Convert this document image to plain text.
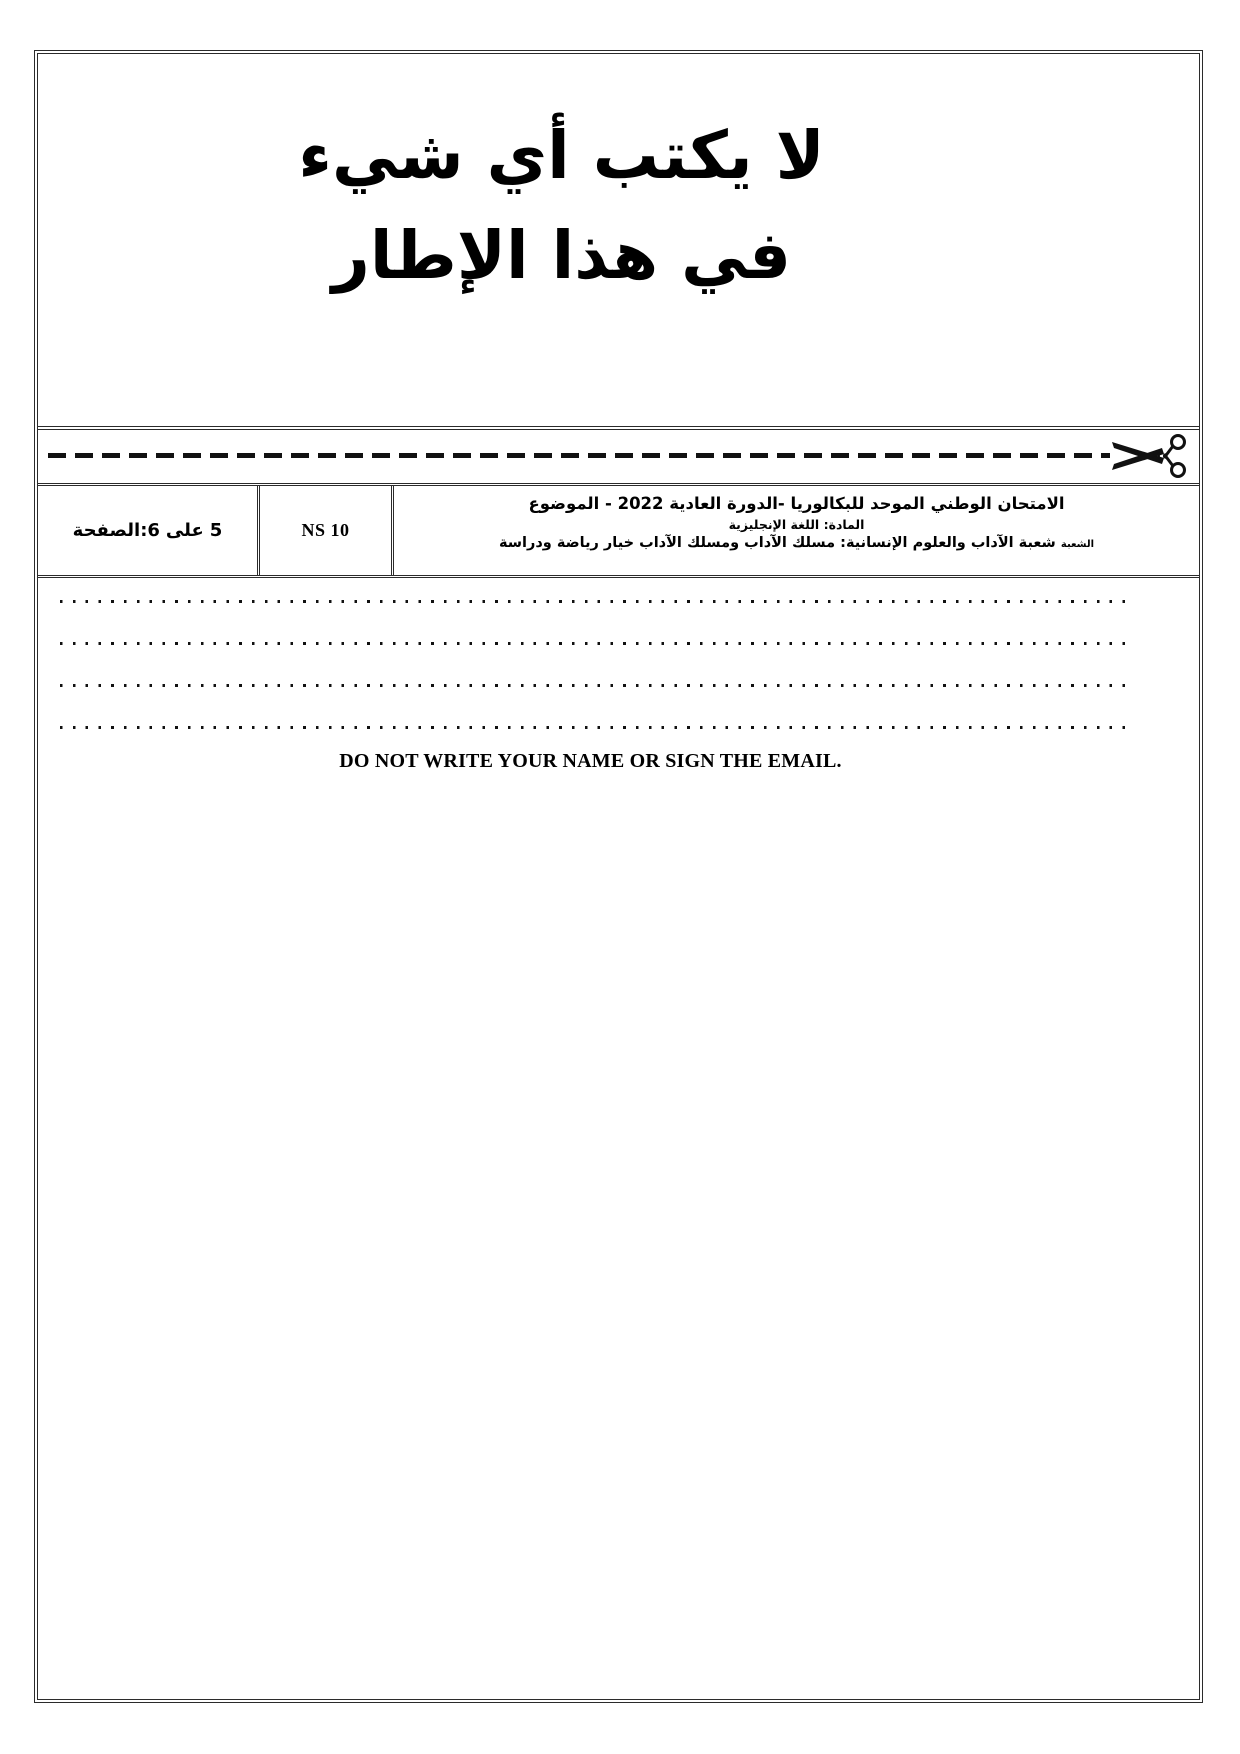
لا يكتب أي شيء
في هذا الإطار
الصفحة :6 على 5	NS 10
الامتحان الوطني الموحد للبكالوريا -الدورة العادية 2022 - الموضوع
المادة: اللغة الإنجليزية
الشعبة شعبة الآداب والعلوم الإنسانية: مسلك الآداب ومسلك الآداب خيار رياضة ودراسة
DO NOT WRITE YOUR NAME OR SIGN THE EMAIL.
